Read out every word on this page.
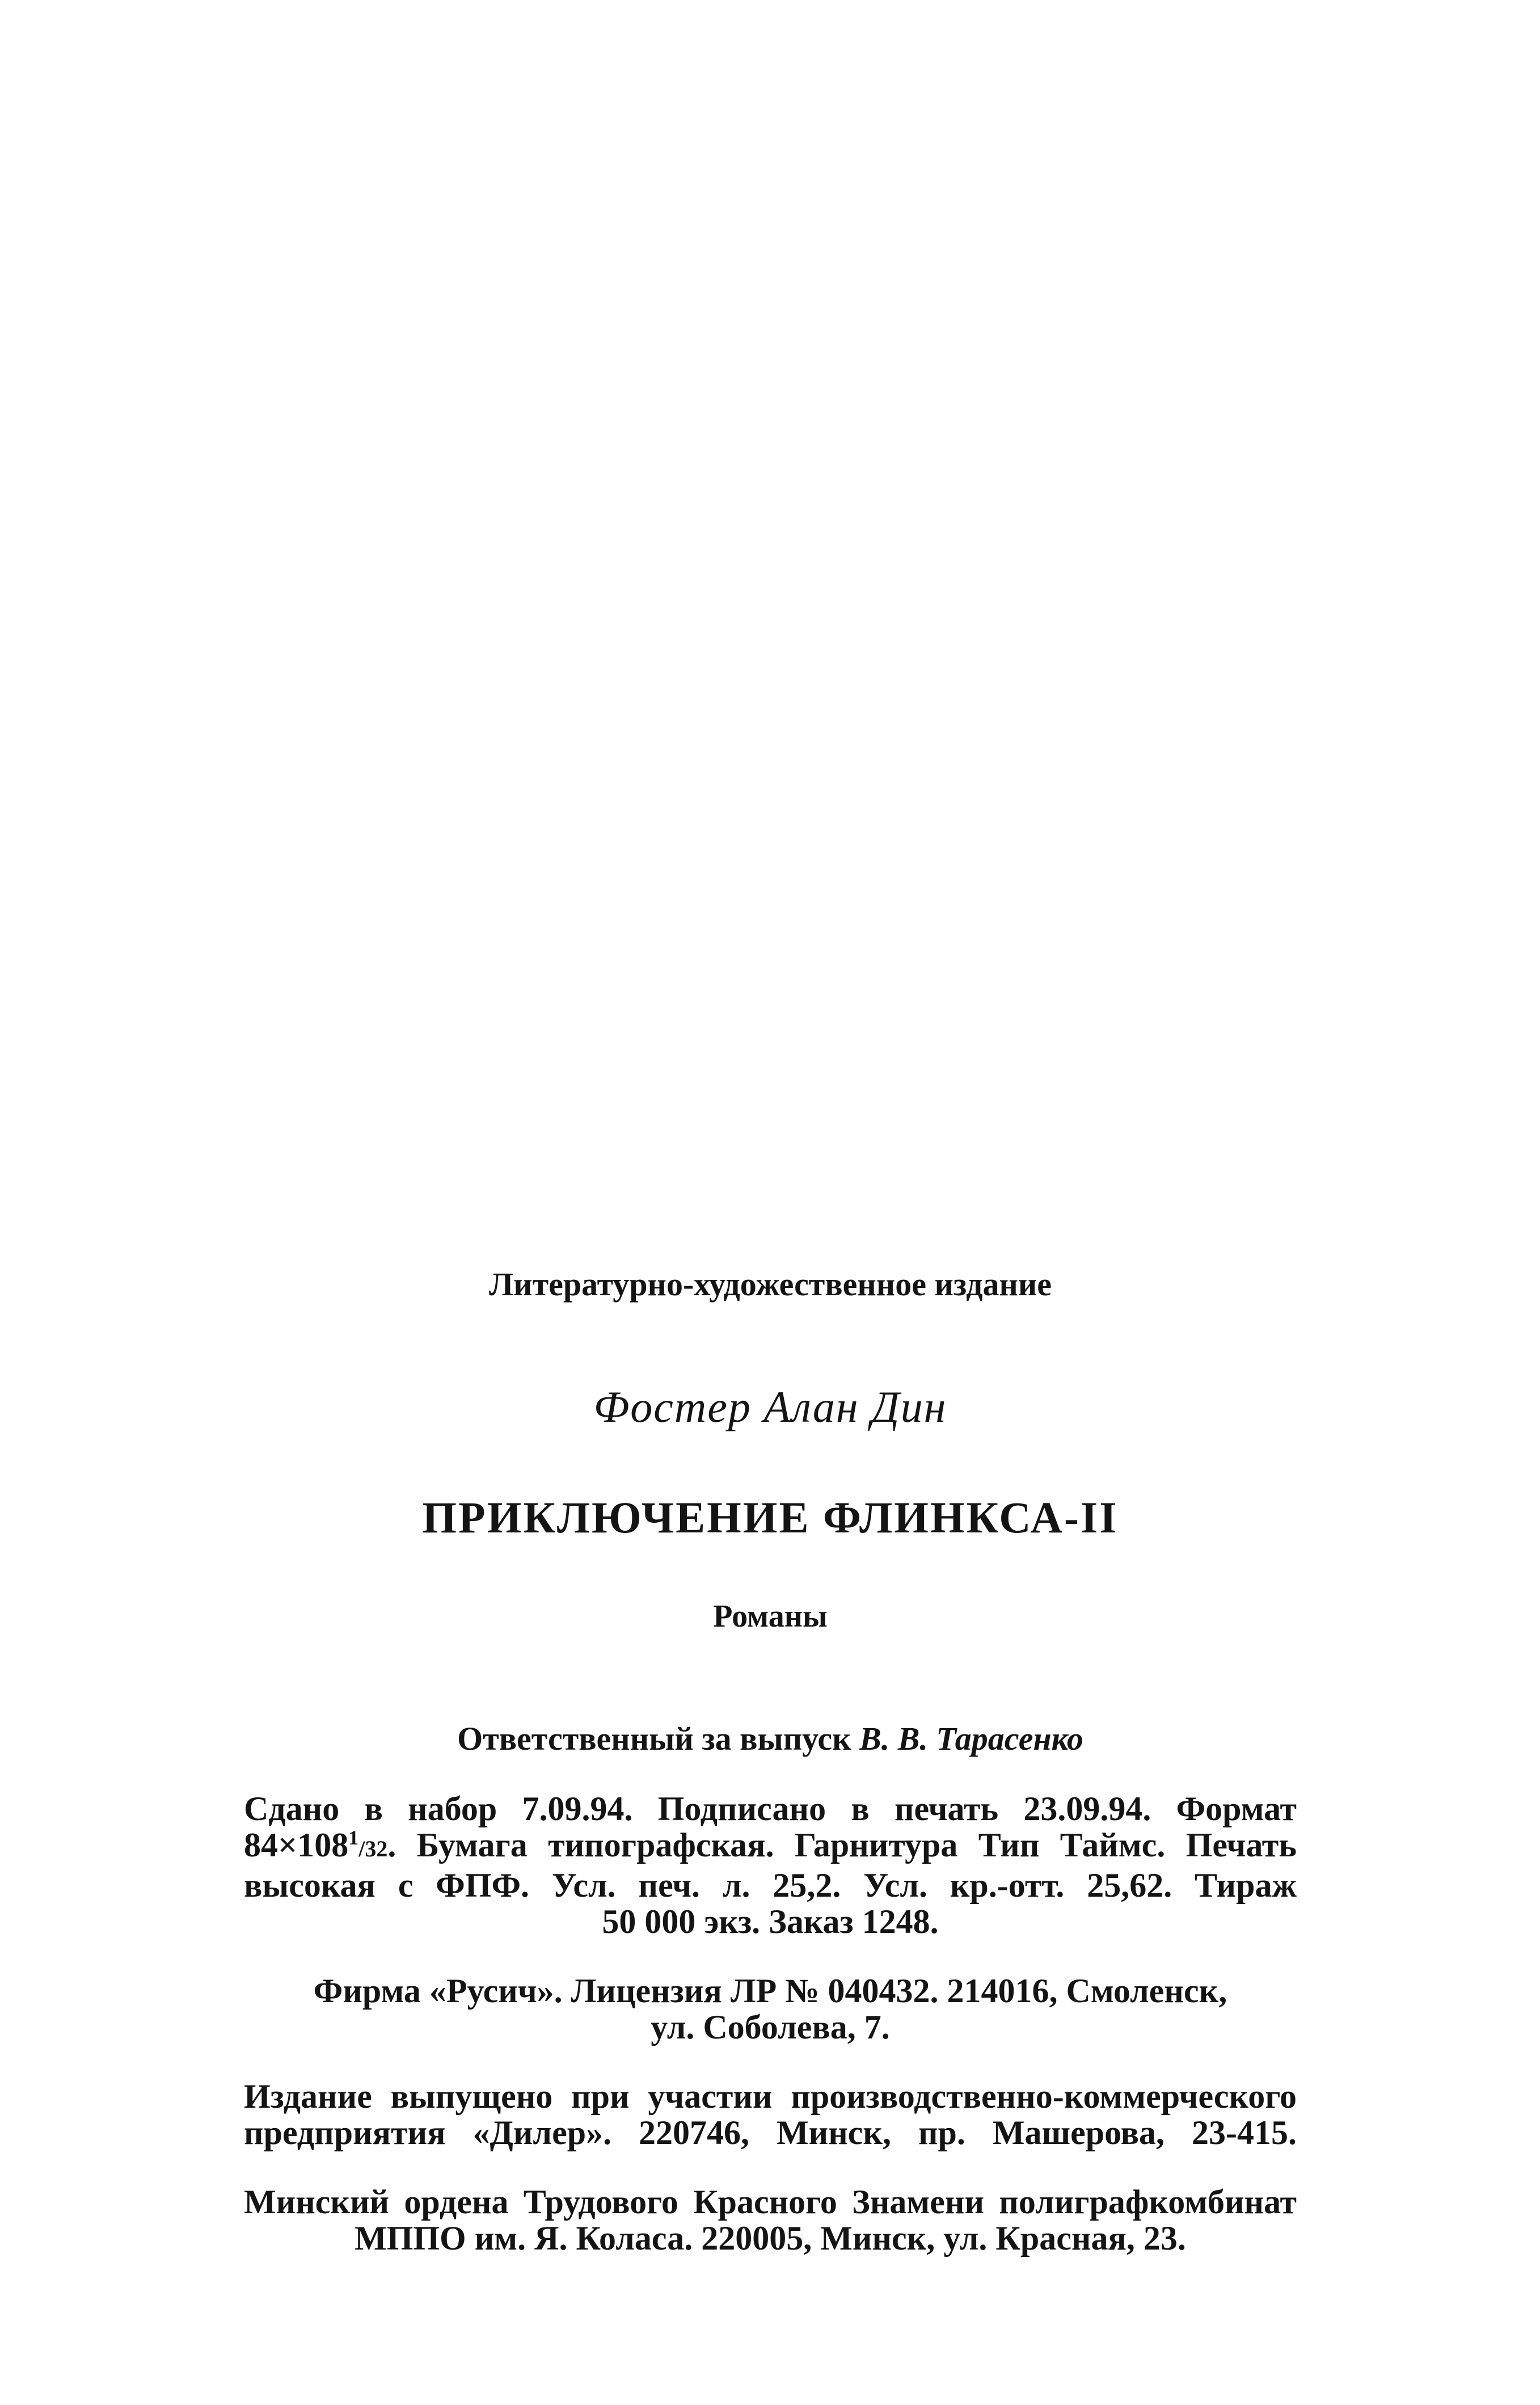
Литературно-художественное издание
Фостер Алан Дин
ПРИКЛЮЧЕНИЕ ФЛИНКСА-II
Романы
Ответственный за выпуск В. В. Тарасенко
Сдано в набор 7.09.94. Подписано в печать 23.09.94. Формат
$84\times 108^1/32$. Бумага типографская. Гарнитура Тип Таймс. Печать
высокая с ФПФ. Усл. печ. л. 25,2. Усл. кр.-отт. 25,62. Тираж
50 000 экз. Заказ 1248.
Фирма «Русич». Лицензия ЛР № 040432. 214016, Смоленск,
ул. Соболева, 7.
Издание выпущено при участии производственно-коммерческого
предприятия «Дилер». 220746, Минск, пр. Машерова, 23-415.
Минский ордена Трудового Красного Знамени полиграфкомбинат
МППО им. Я. Коласа. 220005, Минск, ул. Красная, 23.
